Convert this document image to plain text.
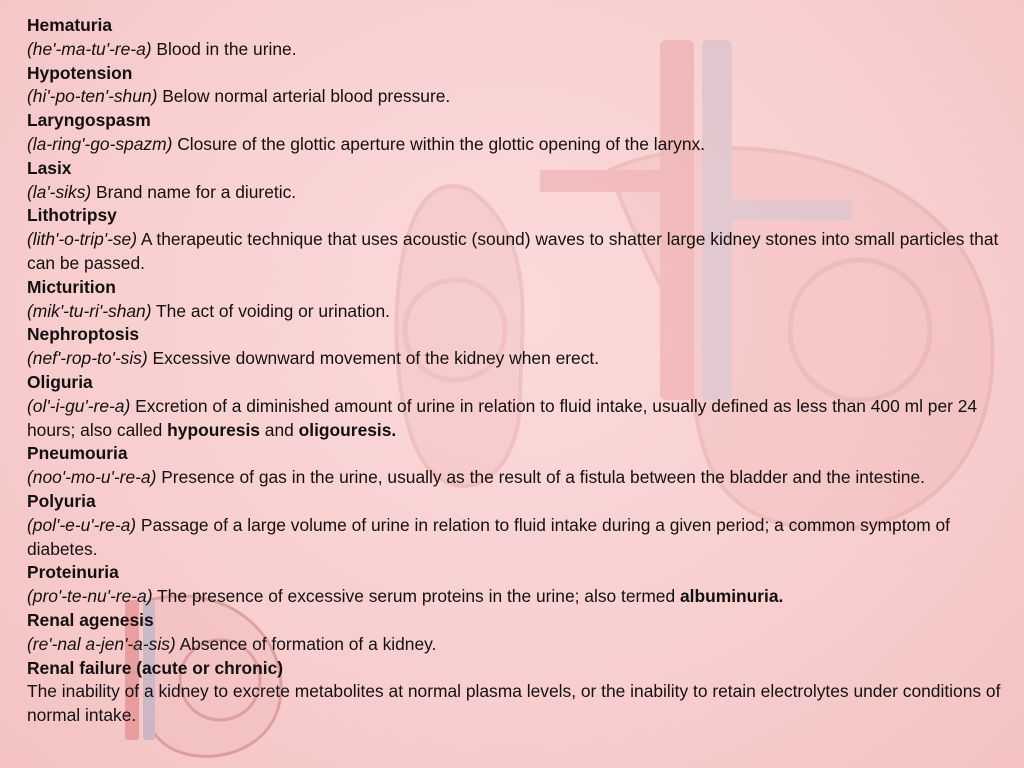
Hematuria
(he'-ma-tu'-re-a) Blood in the urine.
Hypotension
(hi'-po-ten'-shun) Below normal arterial blood pressure.
Laryngospasm
(la-ring'-go-spazm) Closure of the glottic aperture within the glottic opening of the larynx.
Lasix
(la'-siks) Brand name for a diuretic.
Lithotripsy
(lith'-o-trip'-se) A therapeutic technique that uses acoustic (sound) waves to shatter large kidney stones into small particles that can be passed.
Micturition
(mik'-tu-ri'-shan) The act of voiding or urination.
Nephroptosis
(nef'-rop-to'-sis) Excessive downward movement of the kidney when erect.
Oliguria
(ol'-i-gu'-re-a) Excretion of a diminished amount of urine in relation to fluid intake, usually defined as less than 400 ml per 24 hours; also called hypouresis and oligouresis.
Pneumouria
(noo'-mo-u'-re-a) Presence of gas in the urine, usually as the result of a fistula between the bladder and the intestine.
Polyuria
(pol'-e-u'-re-a) Passage of a large volume of urine in relation to fluid intake during a given period; a common symptom of diabetes.
Proteinuria
(pro'-te-nu'-re-a) The presence of excessive serum proteins in the urine; also termed albuminuria.
Renal agenesis
(re'-nal a-jen'-a-sis) Absence of formation of a kidney.
Renal failure (acute or chronic)
The inability of a kidney to excrete metabolites at normal plasma levels, or the inability to retain electrolytes under conditions of normal intake.
